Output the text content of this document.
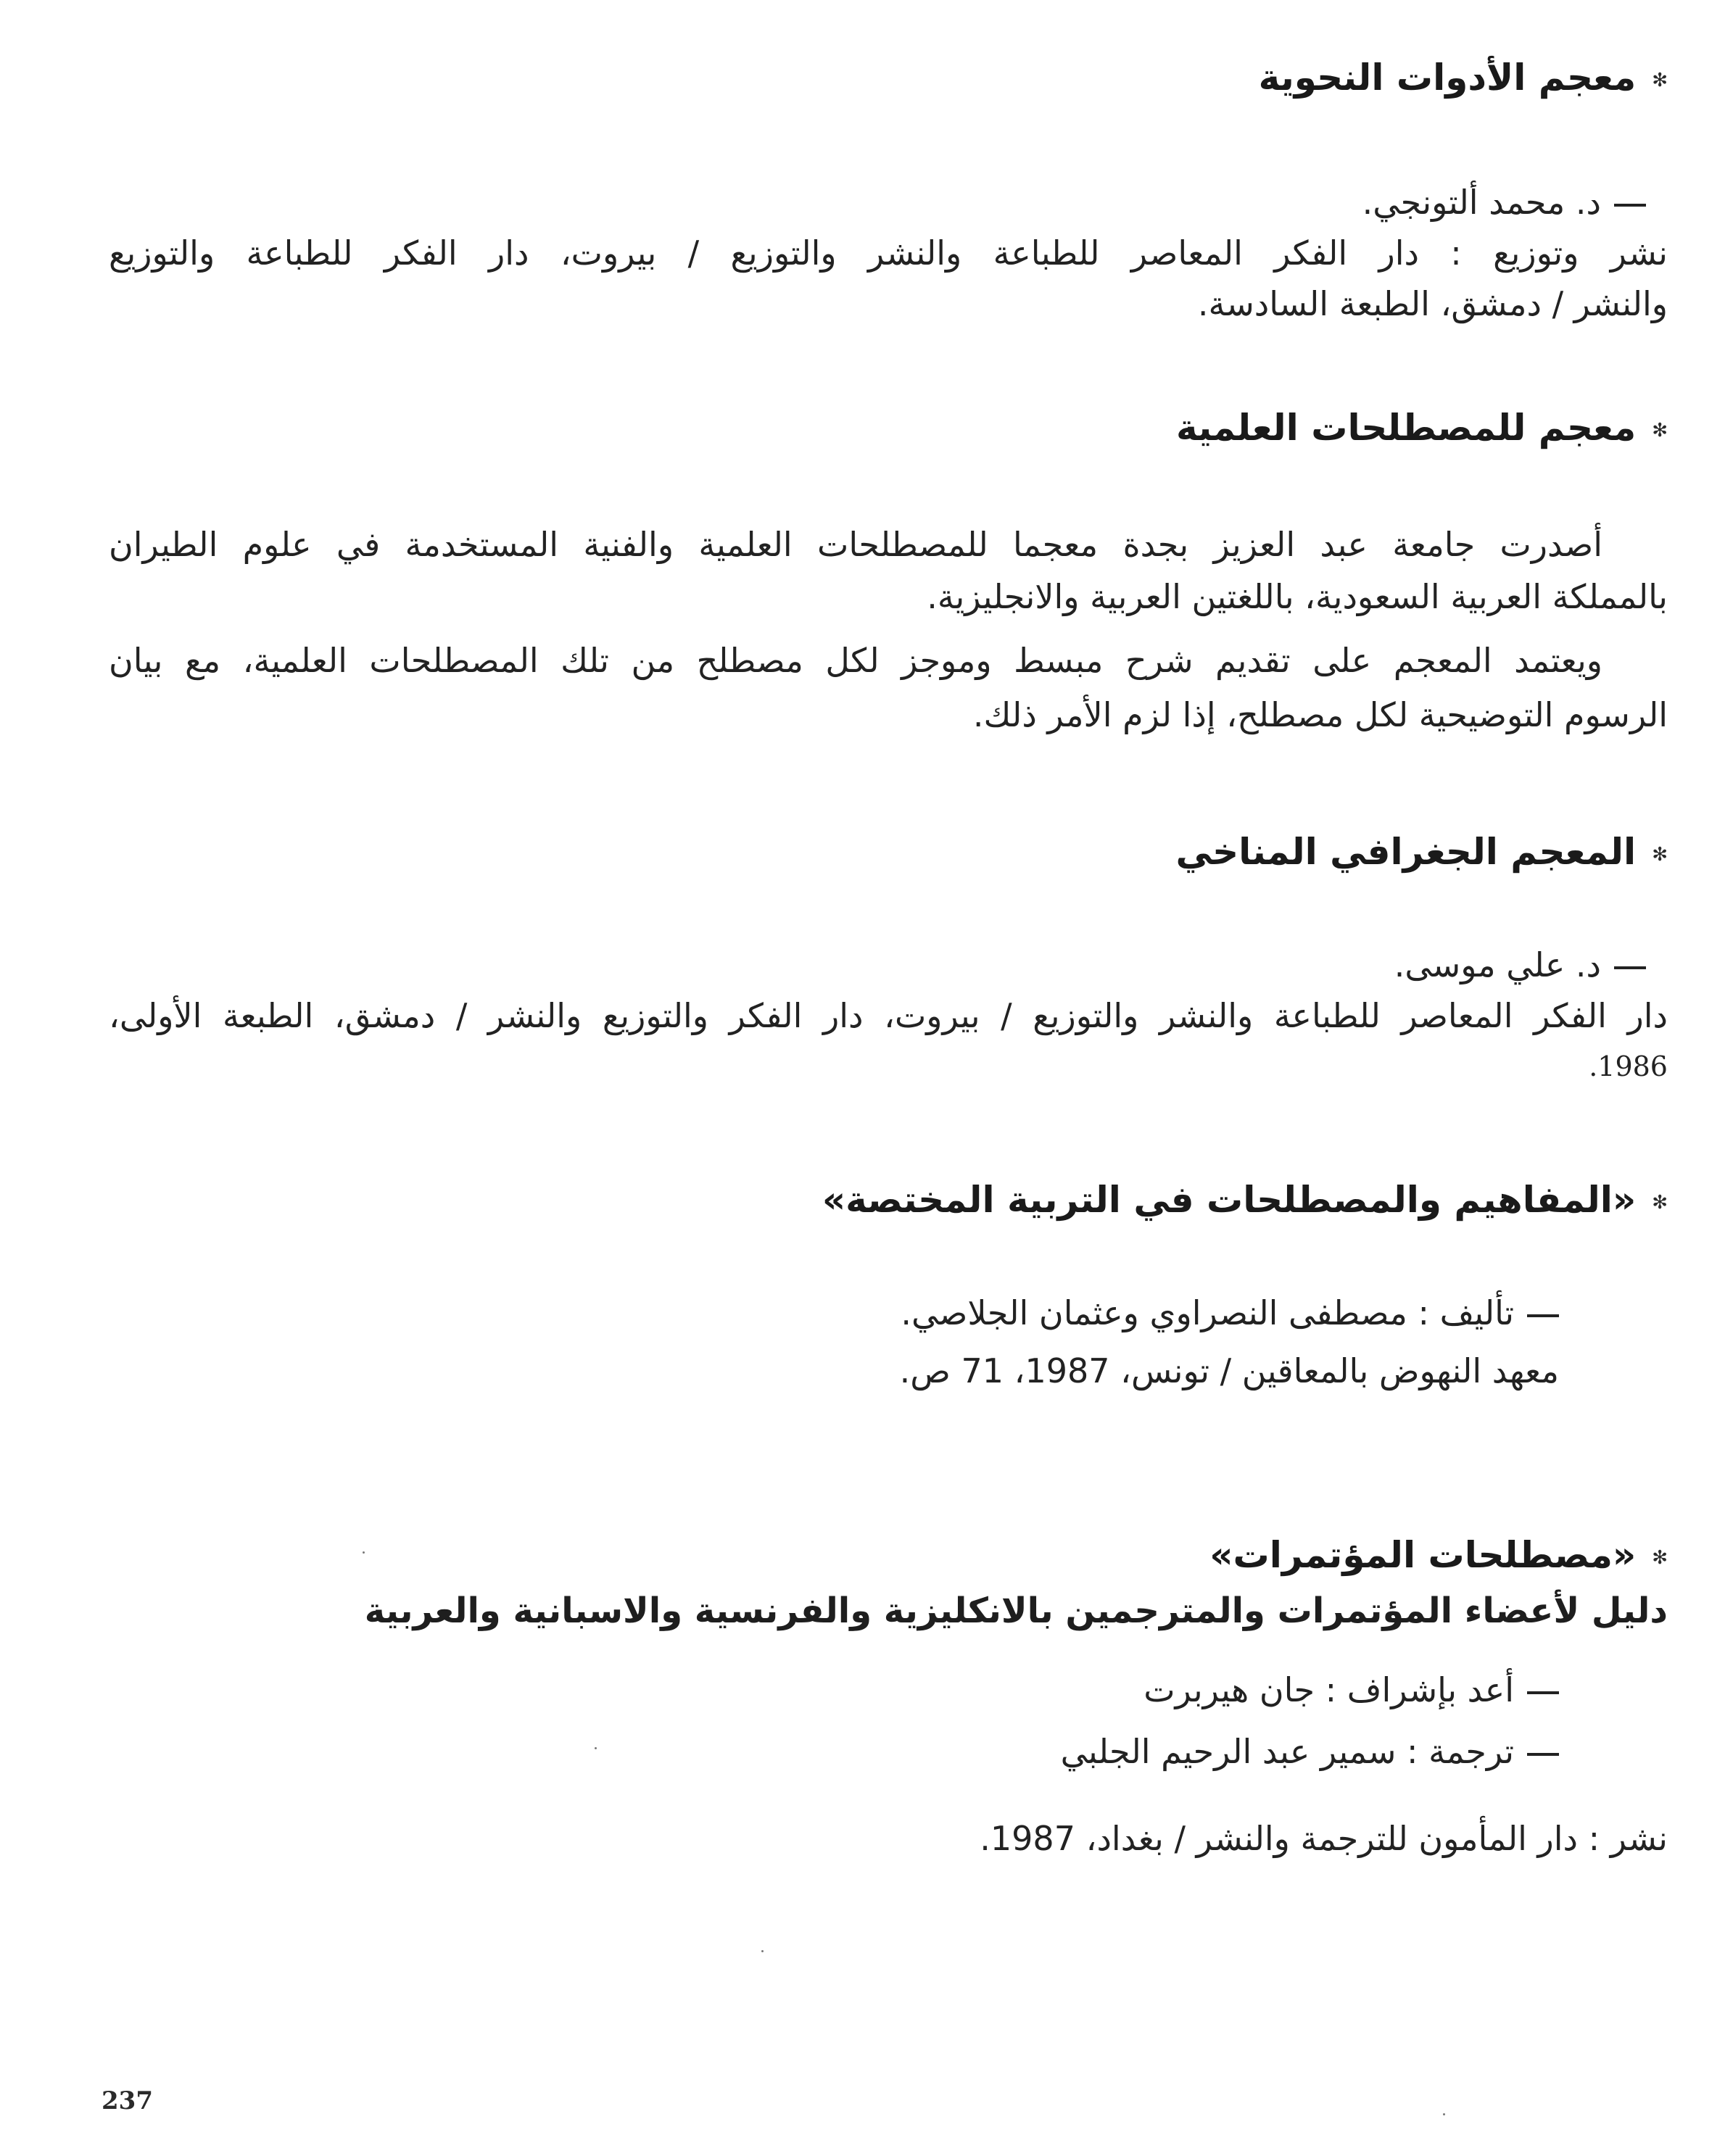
✻معجم الأدوات النحوية
د. محمد ألتونجي.
نشر وتوزيع : دار الفكر المعاصر للطباعة والنشر والتوزيع / بيروت، دار الفكر للطباعة والتوزيع
والنشر / دمشق، الطبعة السادسة.
✻معجم للمصطلحات العلمية
أصدرت جامعة عبد العزيز بجدة معجما للمصطلحات العلمية والفنية المستخدمة في علوم الطيران
بالمملكة العربية السعودية، باللغتين العربية والانجليزية.
ويعتمد المعجم على تقديم شرح مبسط وموجز لكل مصطلح من تلك المصطلحات العلمية، مع بيان
الرسوم التوضيحية لكل مصطلح، إذا لزم الأمر ذلك.
✻المعجم الجغرافي المناخي
د. علي موسى.
دار الفكر المعاصر للطباعة والنشر والتوزيع / بيروت، دار الفكر والتوزيع والنشر / دمشق، الطبعة الأولى،
1986.
✻«المفاهيم والمصطلحات في التربية المختصة»
تأليف : مصطفى النصراوي وعثمان الجلاصي.
معهد النهوض بالمعاقين / تونس، 1987، 71 ص.
✻«مصطلحات المؤتمرات»
دليل لأعضاء المؤتمرات والمترجمين بالانكليزية والفرنسية والاسبانية والعربية
أعد بإشراف : جان هيربرت
ترجمة : سمير عبد الرحيم الجلبي
نشر : دار المأمون للترجمة والنشر / بغداد، 1987.
237
